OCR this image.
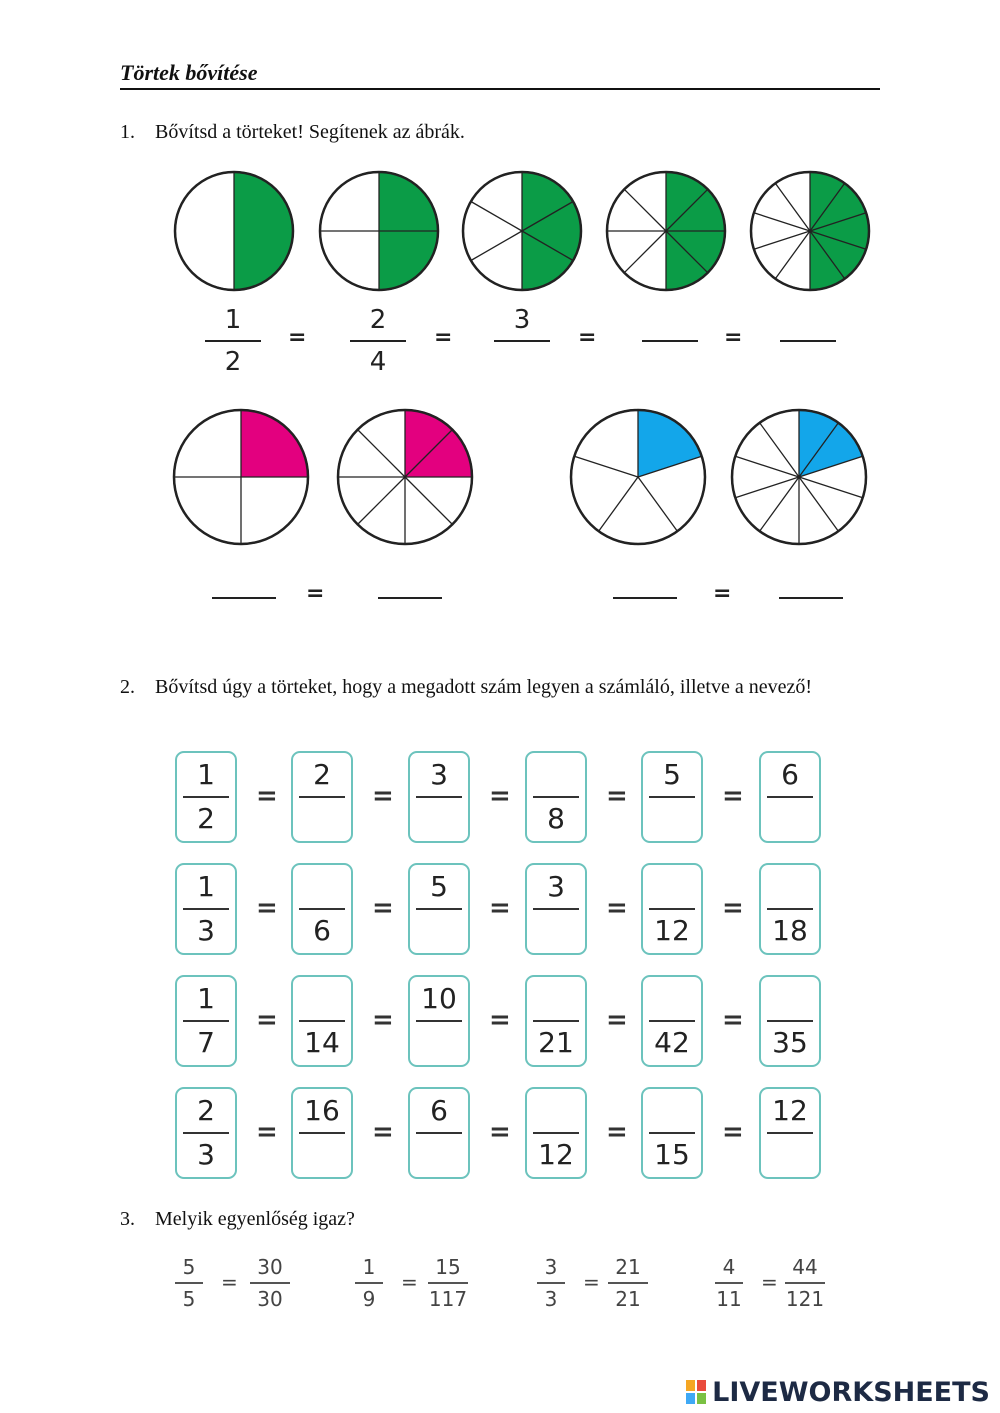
Törtek bővítése
1. Bővítsd a törteket! Segítenek az ábrák.
1
2
=
2
4
=
3
=	=
=	=
2. Bővítsd úgy a törteket, hogy a megadott szám legyen a számláló, illetve a nevező!
1
2
=
2
=
3
=
8
=
5
=
6
1
3
=
6
=
5
=
3
=
12
=
18
1
7
=
14
=
10
=
21
=
42
=
35
2
3
=
16
=
6
=
12
=
15
=
12
3. Melyik egyenlőség igaz?
5
5
=
30
30
1
9
=
15
117
3
3
=
21
21
4
11
=
44
121
LIVEWORKSHEETS
